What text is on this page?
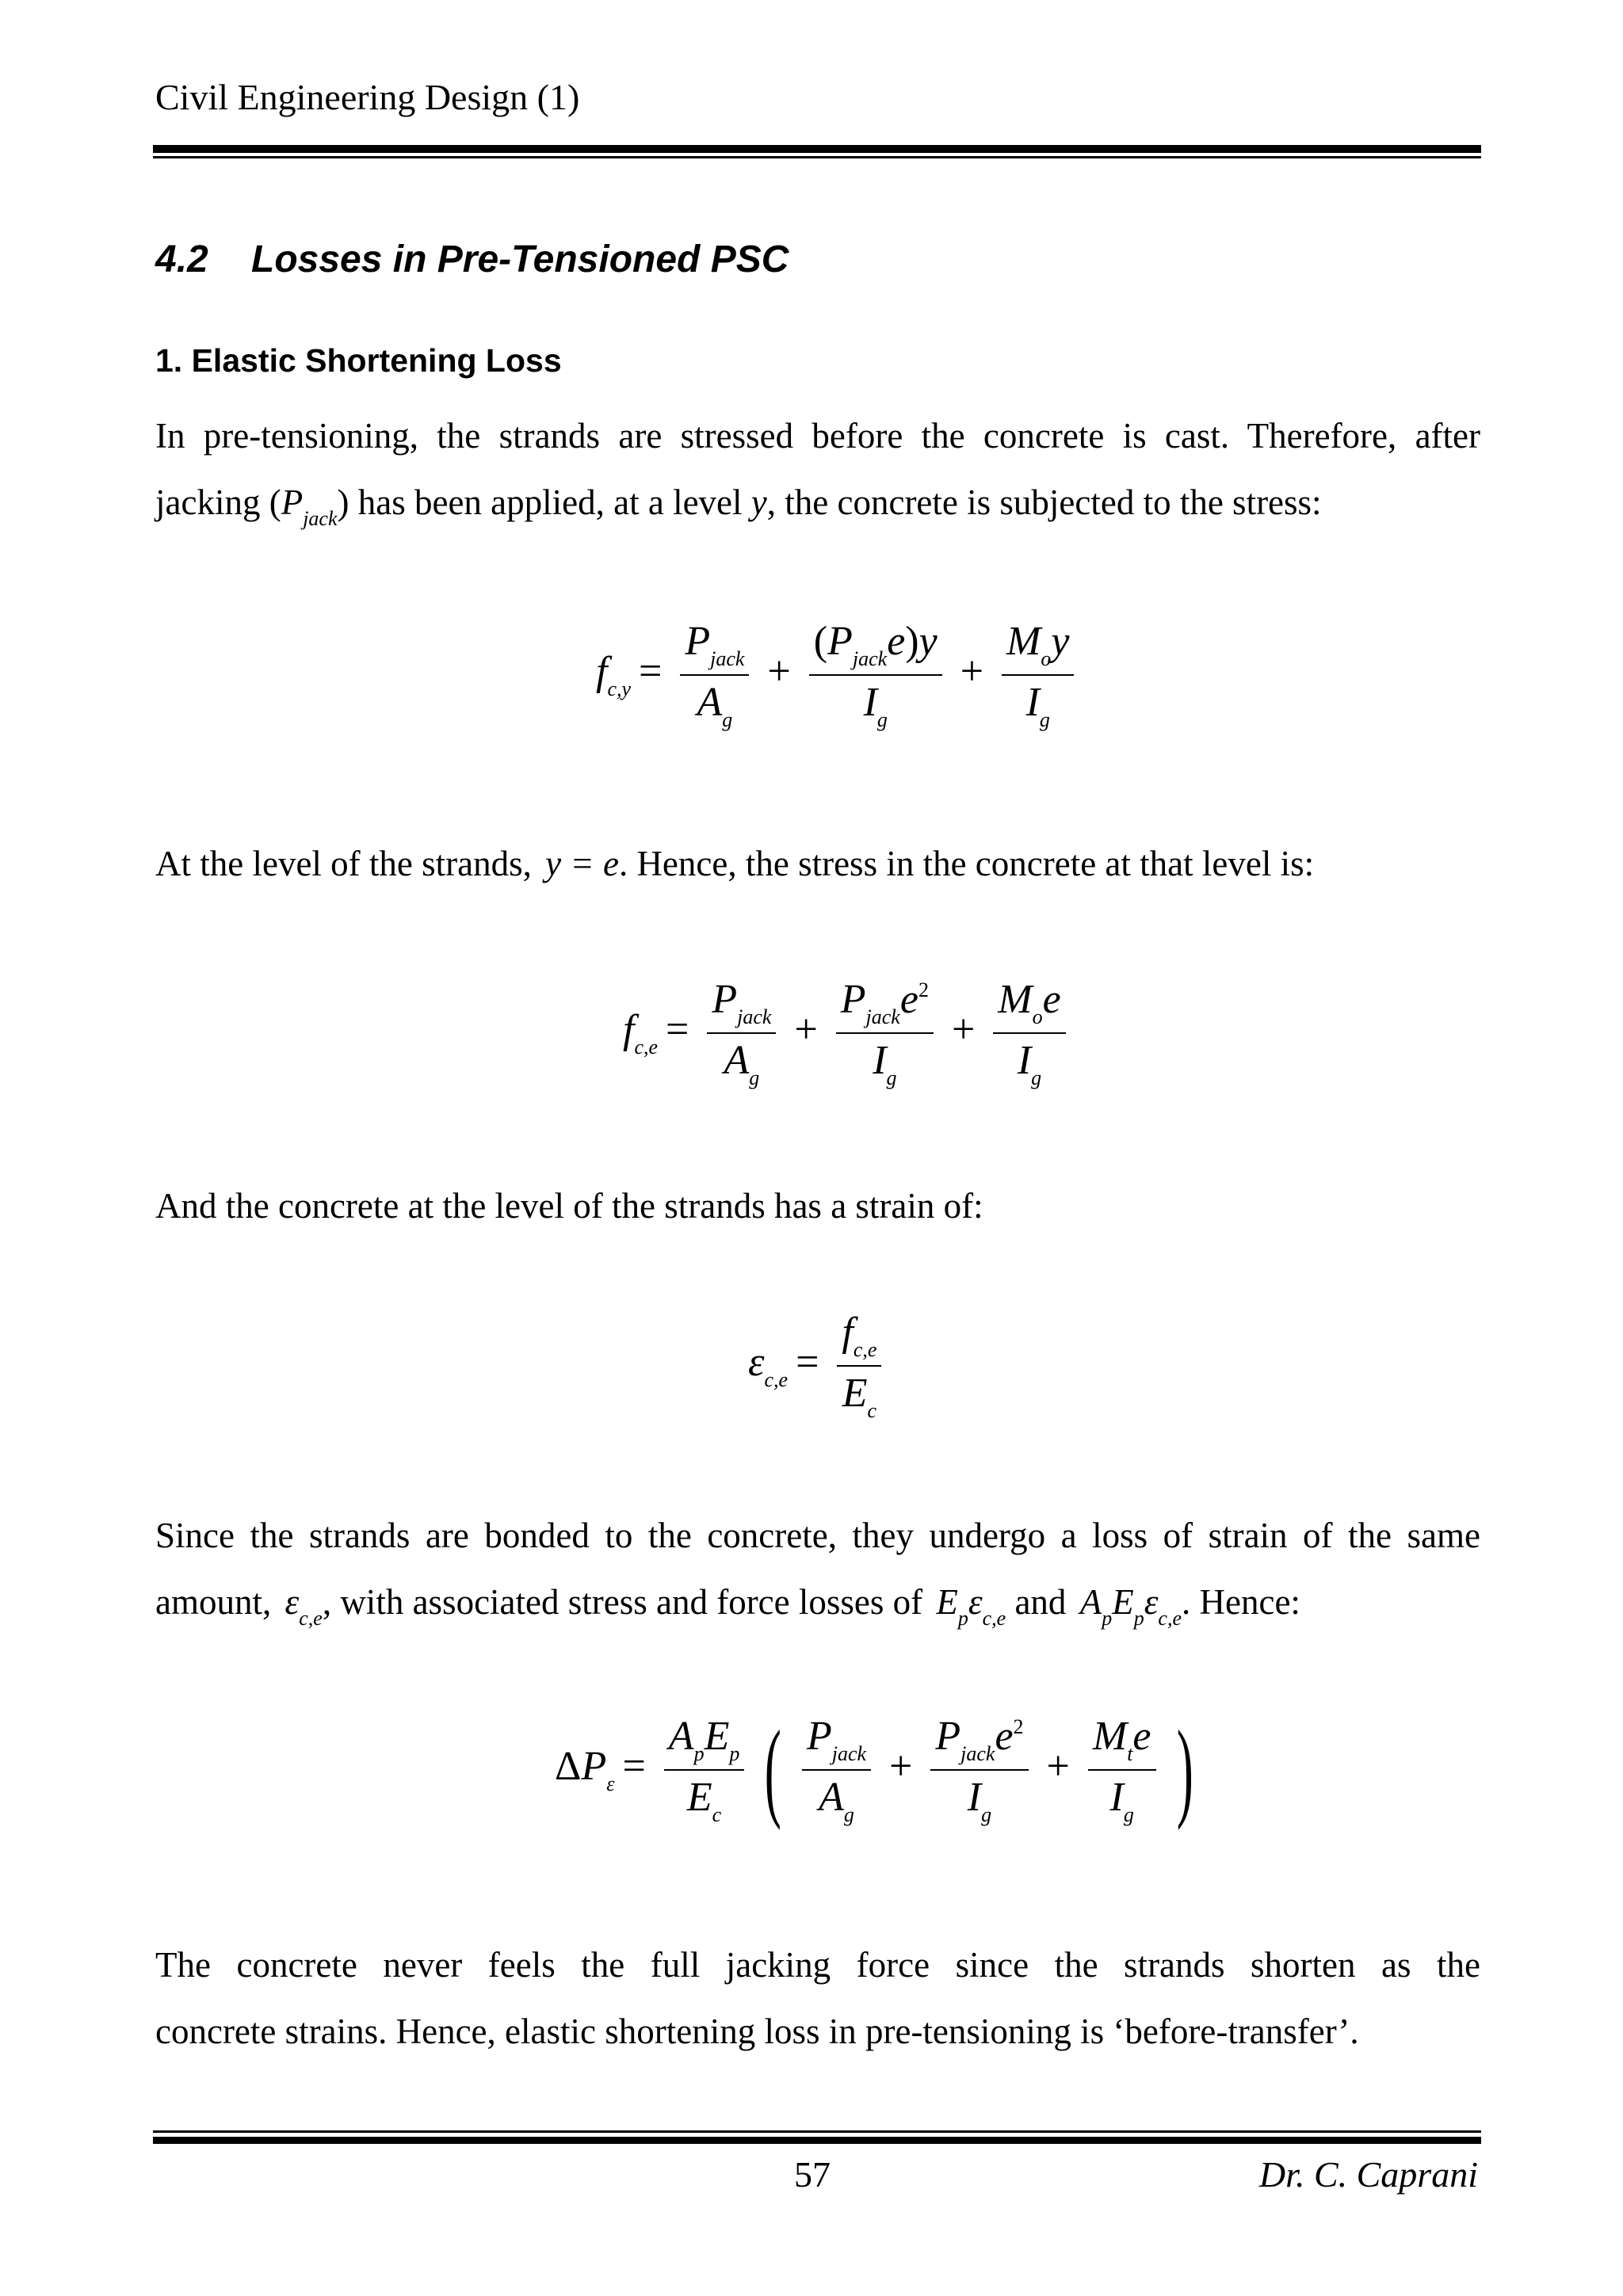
Civil Engineering Design (1)
4.2 Losses in Pre-Tensioned PSC
1. Elastic Shortening Loss
In pre-tensioning, the strands are stressed before the concrete is cast. Therefore, after
jacking $(P_{jack})$ has been applied, at a level y, the concrete is subjected to the stress:
$f_{c,y} = \frac{P_{jack}}{A_g} + \frac{(P_{jack}e)y}{I_g} + \frac{M_oy}{I_g}$
At the level of the strands, y = e. Hence, the stress in the concrete at that level is:
$f_{c,e} = \frac{P_{jack}}{A_g} + \frac{P_{jack}e^2}{I_g} + \frac{M_oe}{I_g}$
And the concrete at the level of the strands has a strain of:
$\varepsilon_{c,e} = \frac{f_{c,e}}{E_c}$
Since the strands are bonded to the concrete, they undergo a loss of strain of the same
amount, $\varepsilon_{c,e}$, with associated stress and force losses of $E_p\varepsilon_{c,e}$ and $A_pE_p\varepsilon_{c,e}$. Hence:
$\Delta P_\varepsilon = \frac{A_pE_p}{E_c}$ ( $\frac{P_{jack}}{A_g} + \frac{P_{jack}e^2}{I_g} + \frac{M_te}{I_g}$ )
The concrete never feels the full jacking force since the strands shorten as the
concrete strains. Hence, elastic shortening loss in pre-tensioning is ‘before-transfer’.
57	Dr. C. Caprani
